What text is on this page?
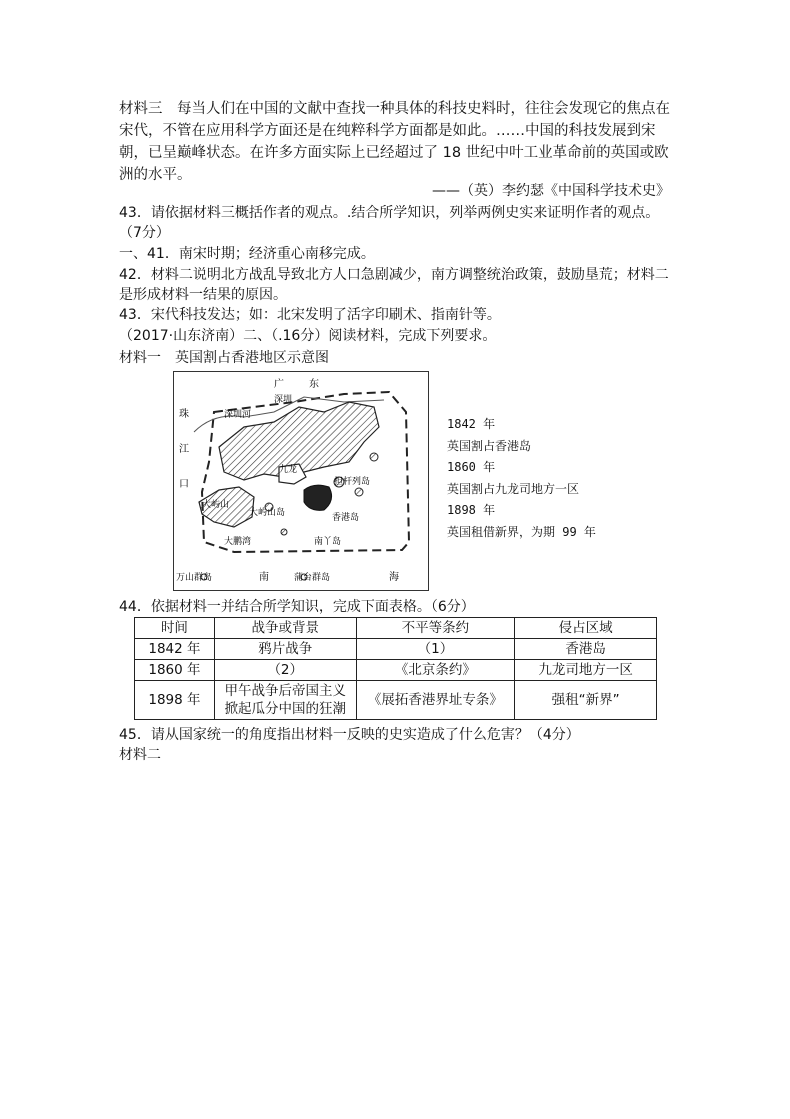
材料三　每当人们在中国的文献中查找一种具体的科技史料时，往往会发现它的焦点在宋代，不管在应用科学方面还是在纯粹科学方面都是如此。……中国的科技发展到宋朝，已呈巅峰状态。在许多方面实际上已经超过了 18 世纪中叶工业革命前的英国或欧洲的水平。
——（英）李约瑟《中国科学技术史》
43．请依据材料三概括作者的观点。.结合所学知识，列举两例史实来证明作者的观点。
（7分）
一、41．南宋时期；经济重心南移完成。
42．材料二说明北方战乱导致北方人口急剧减少，南方调整统治政策，鼓励垦荒；材料二
是形成材料一结果的原因。
43．宋代科技发达；如：北宋发明了活字印刷术、指南针等。
（2017·山东济南）二、（.16分）阅读材料，完成下列要求。
材料一　英国割占香港地区示意图
广	东
深圳
深圳河
珠
江
口
九龙
香港岛
大屿山
大屿山岛
担杆列岛
大鹏湾	南丫岛
万山群岛	南	蒲台群岛	海
1842 年
英国割占香港岛
1860 年
英国割占九龙司地方一区
1898 年
英国租借新界，为期 99 年
44．依据材料一并结合所学知识，完成下面表格。（6分）
时间	战争或背景	不平等条约	侵占区域
1842 年	鸦片战争	（1）	香港岛
1860 年	（2）	《北京条约》	九龙司地方一区
1898 年	甲午战争后帝国主义
掀起瓜分中国的狂潮	《展拓香港界址专条》	强租“新界”
45．请从国家统一的角度指出材料一反映的史实造成了什么危害？（4分）
材料二
